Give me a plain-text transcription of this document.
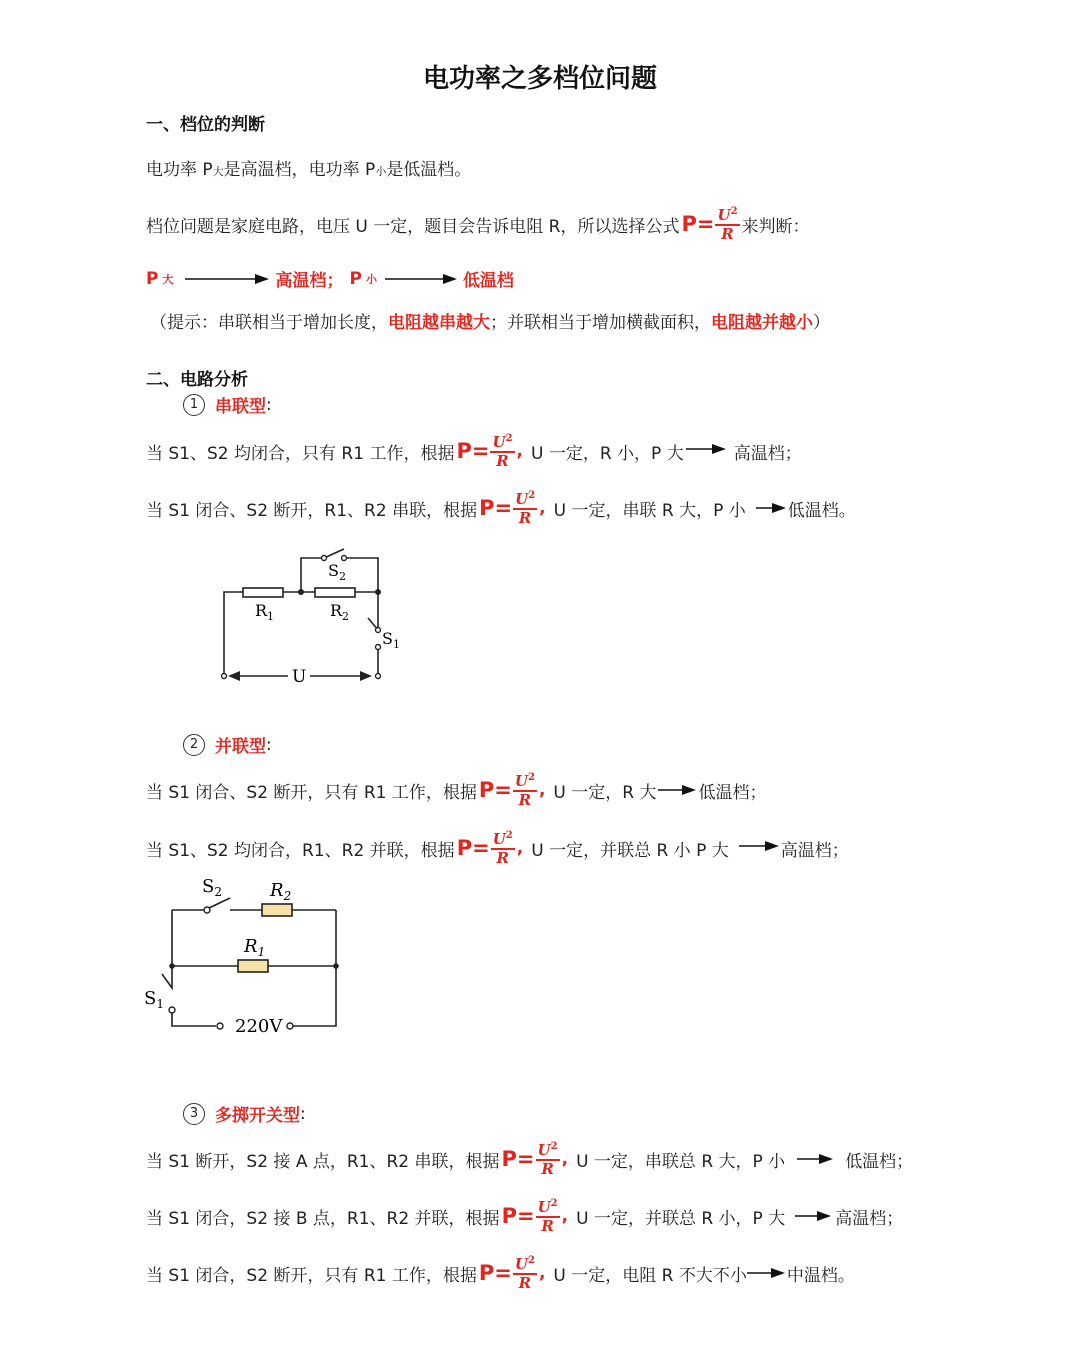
电功率之多档位问题
一、档位的判断
电功率 P大是高温档，电功率 P小是低温档。
档位问题是家庭电路，电压 U 一定，题目会告诉电阻 R，所以选择公式 $P= \frac{U^2}{R}$ 来判断：
P 大	高温档； P 小	低温档
（提示：串联相当于增加长度，电阻越串越大；并联相当于增加横截面积，电阻越并越小）
二、电路分析
1 串联型 :
当 S1、S2 均闭合，只有 R1 工作，根据 $P= \frac{U^2}{R}$ , U 一定，R 小，P 大	高温档；
当 S1 闭合、S2 断开，R1、R2 串联，根据 $P= \frac{U^2}{R}$ , U 一定，串联 R 大，P 小 低温档。
$S_2$
$R_1$	$R_2$
$S_1$
U
2 并联型 :
当 S1 闭合、S2 断开，只有 R1 工作，根据 $P= \frac{U^2}{R}$ , U 一定，R 大 低温档；
当 S1、S2 均闭合，R1、R2 并联，根据 $P= \frac{U^2}{R}$ , U 一定，并联总 R 小 P 大	高温档；
$S_2$	$R_2$
$R_1$
$S_1$
220V
3 多掷开关型 :
当 S1 断开，S2 接 A 点，R1、R2 串联，根据 $P= \frac{U^2}{R}$ , U 一定，串联总 R 大，P 小	低温档；
当 S1 闭合，S2 接 B 点，R1、R2 并联，根据 $P= \frac{U^2}{R}$ , U 一定，并联总 R 小，P 大	高温档；
当 S1 闭合，S2 断开，只有 R1 工作，根据 $P= \frac{U^2}{R}$ , U 一定，电阻 R 不大不小 中温档。
